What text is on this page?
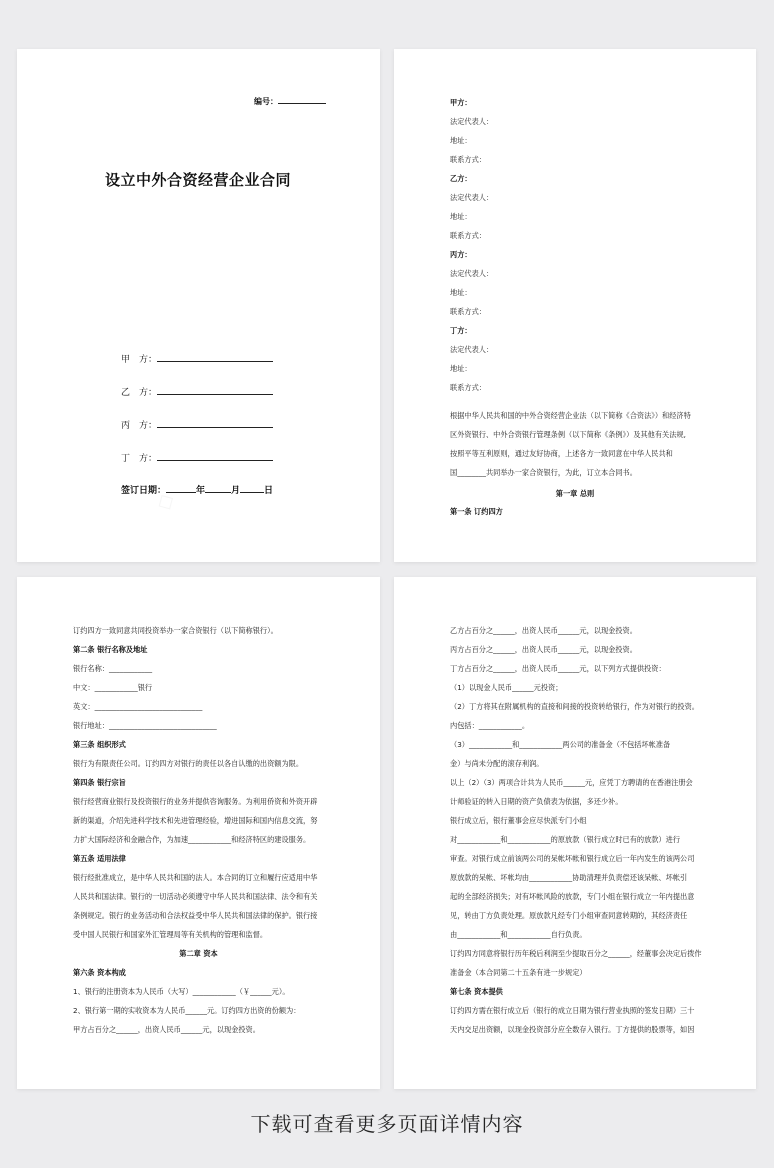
编号：
设立中外合资经营企业合同
甲　方：
乙　方：
丙　方：
丁　方：
签订日期：	年	月	日
甲方：
法定代表人：
地址：
联系方式：
乙方：
法定代表人：
地址：
联系方式：
丙方：
法定代表人：
地址：
联系方式：
丁方：
法定代表人：
地址：
联系方式：
根据中华人民共和国的中外合资经营企业法（以下简称《合资法》）和经济特
区外资银行、中外合资银行管理条例（以下简称《条例》）及其他有关法规,
按照平等互利原则，通过友好协商，上述各方一致同意在中华人民共和
国________共同举办一家合资银行，为此，订立本合同书。
第一章 总则
第一条 订约四方
订约四方一致同意共同投资举办一家合资银行（以下简称银行）。
第二条 银行名称及地址
银行名称：____________
中文：____________银行
英文：______________________________
银行地址：______________________________
第三条 组织形式
银行为有限责任公司。订约四方对银行的责任以各自认缴的出资额为限。
第四条 银行宗旨
银行经营商业银行及投资银行的业务并提供咨询服务。为利用侨资和外资开辟
新的渠道，介绍先进科学技术和先进管理经验，增进国际和国内信息交流，努
力扩大国际经济和金融合作，为加速____________和经济特区的建设服务。
第五条 适用法律
银行经批准成立，是中华人民共和国的法人。本合同的订立和履行应适用中华
人民共和国法律。银行的一切活动必须遵守中华人民共和国法律、法令和有关
条例规定。银行的业务活动和合法权益受中华人民共和国法律的保护。银行接
受中国人民银行和国家外汇管理局等有关机构的管理和监督。
第二章 资本
第六条 资本构成
1、银行的注册资本为人民币（大写）____________（￥______元）。
2、银行第一期的实收资本为人民币______元。订约四方出资的份额为：
甲方占百分之______，出资人民币______元，以现金投资。
乙方占百分之______，出资人民币______元，以现金投资。
丙方占百分之______，出资人民币______元，以现金投资。
丁方占百分之______，出资人民币______元，以下列方式提供投资：
（1）以现金人民币______元投资；
（2）丁方将其在附属机构的直接和间接的投资转给银行，作为对银行的投资。
内包括：____________。
（3）____________和____________两公司的准备金（不包括坏帐准备
金）与尚未分配的滚存利润。
以上（2）（3）两项合计共为人民币______元，应凭丁方聘请的在香港注册会
计师验证的转入日期的资产负债表为依据，多还少补。
银行成立后，银行董事会应尽快派专门小组
对____________和____________的原放款（银行成立时已有的放款）进行
审查。对银行成立前该两公司的呆帐坏帐和银行成立后一年内发生的该两公司
原放款的呆帐、坏帐均由____________协助清理并负责偿还该呆帐、坏帐引
起的全部经济损失；对有坏帐风险的放款，专门小组在银行成立一年内提出意
见，转由丁方负责处理。原放款凡经专门小组审查同意转期的，其经济责任
由____________和____________自行负责。
订约四方同意将银行历年税后利润至少提取百分之______，经董事会决定后拨作
准备金（本合同第二十五条有进一步规定）
第七条 资本提供
订约四方需在银行成立后（银行的成立日期为银行营业执照的签发日期）三十
天内交足出资额，以现金投资部分应全数存入银行。丁方提供的股票等，如因
下载可查看更多页面详情内容
